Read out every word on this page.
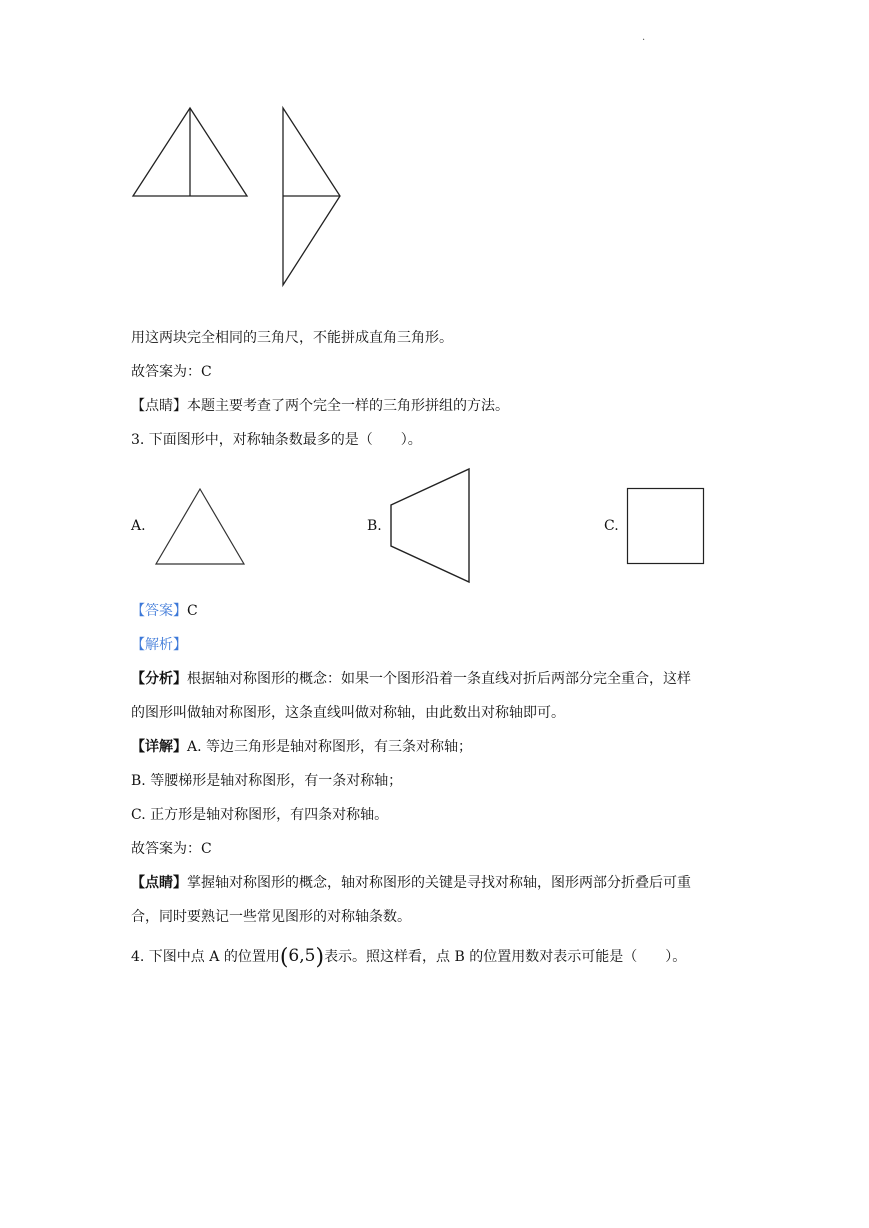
.
用这两块完全相同的三角尺，不能拼成直角三角形。
故答案为：C
【点睛】本题主要考查了两个完全一样的三角形拼组的方法。
3. 下面图形中，对称轴条数最多的是（　　）。
A.	B.	C.
【答案】C
【解析】
【分析】根据轴对称图形的概念：如果一个图形沿着一条直线对折后两部分完全重合，这样
的图形叫做轴对称图形，这条直线叫做对称轴，由此数出对称轴即可。
【详解】A. 等边三角形是轴对称图形，有三条对称轴；
B. 等腰梯形是轴对称图形，有一条对称轴；
C. 正方形是轴对称图形，有四条对称轴。
故答案为：C
【点睛】掌握轴对称图形的概念，轴对称图形的关键是寻找对称轴，图形两部分折叠后可重
合，同时要熟记一些常见图形的对称轴条数。
4. 下图中点 A 的位置用(6,5)表示。照这样看，点 B 的位置用数对表示可能是（　　）。
